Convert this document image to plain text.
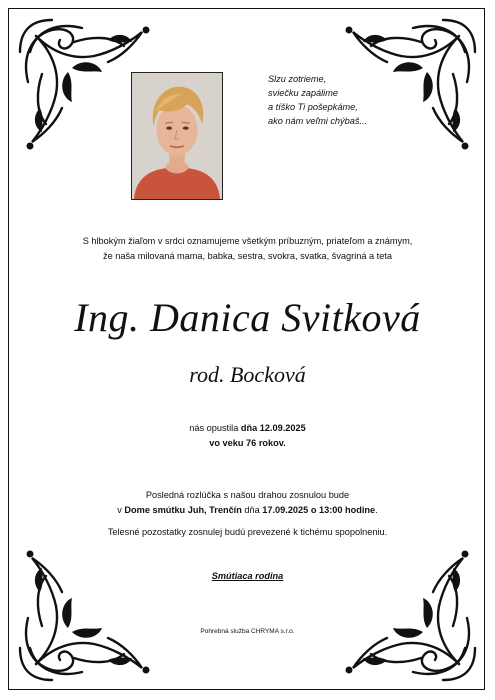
Slzu zotrieme,
sviečku zapálime
a tíško Ti pošepkáme,
ako nám veľmi chýbaš...
S hlbokým žiaľom v srdci oznamujeme všetkým príbuzným, priateľom a známym,
že naša milovaná mama, babka, sestra, svokra, svatka, švagriná a teta
Ing. Danica Svitková
rod. Bocková
nás opustila dňa 12.09.2025
vo veku 76 rokov.
Posledná rozlúčka s našou drahou zosnulou bude
v Dome smútku Juh, Trenčín dňa 17.09.2025 o 13:00 hodine.
Telesné pozostatky zosnulej budú prevezené k tichému spopolneniu.
Smútiaca rodina
Pohrebná služba CHRYMA s.r.o.
